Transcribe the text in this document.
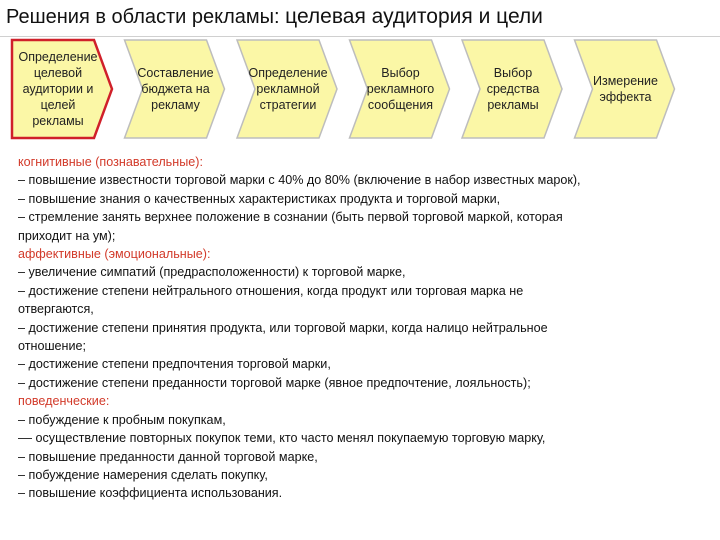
Решения в области рекламы: целевая аудитория и цели
Определение
целевой
аудитории и
целей
рекламы
Составление
бюджета на
рекламу
Определение
рекламной
стратегии
Выбор
рекламного
сообщения
Выбор
средства
рекламы
Измерение
эффекта

когнитивные (познавательные):

– повышение известности торговой марки с 40% до 80% (включение в набор известных марок),

– повышение знания о качественных характеристиках продукта и торговой марки,

– стремление занять верхнее положение в сознании (быть первой торговой маркой, которая

приходит на ум);

аффективные (эмоциональные):

– увеличение симпатий (предрасположенности) к торговой марке,

– достижение степени нейтрального отношения, когда продукт или торговая марка не

отвергаются,

– достижение степени принятия продукта, или торговой марки, когда налицо нейтральное

отношение;

– достижение степени предпочтения торговой марки,

– достижение степени преданности торговой марке (явное предпочтение, лояльность);

поведенческие:

– побуждение к пробным покупкам,

–– осуществление повторных покупок теми, кто часто менял покупаемую торговую марку,

– повышение преданности данной торговой марке,

– побуждение намерения сделать покупку,

– повышение коэффициента использования.
